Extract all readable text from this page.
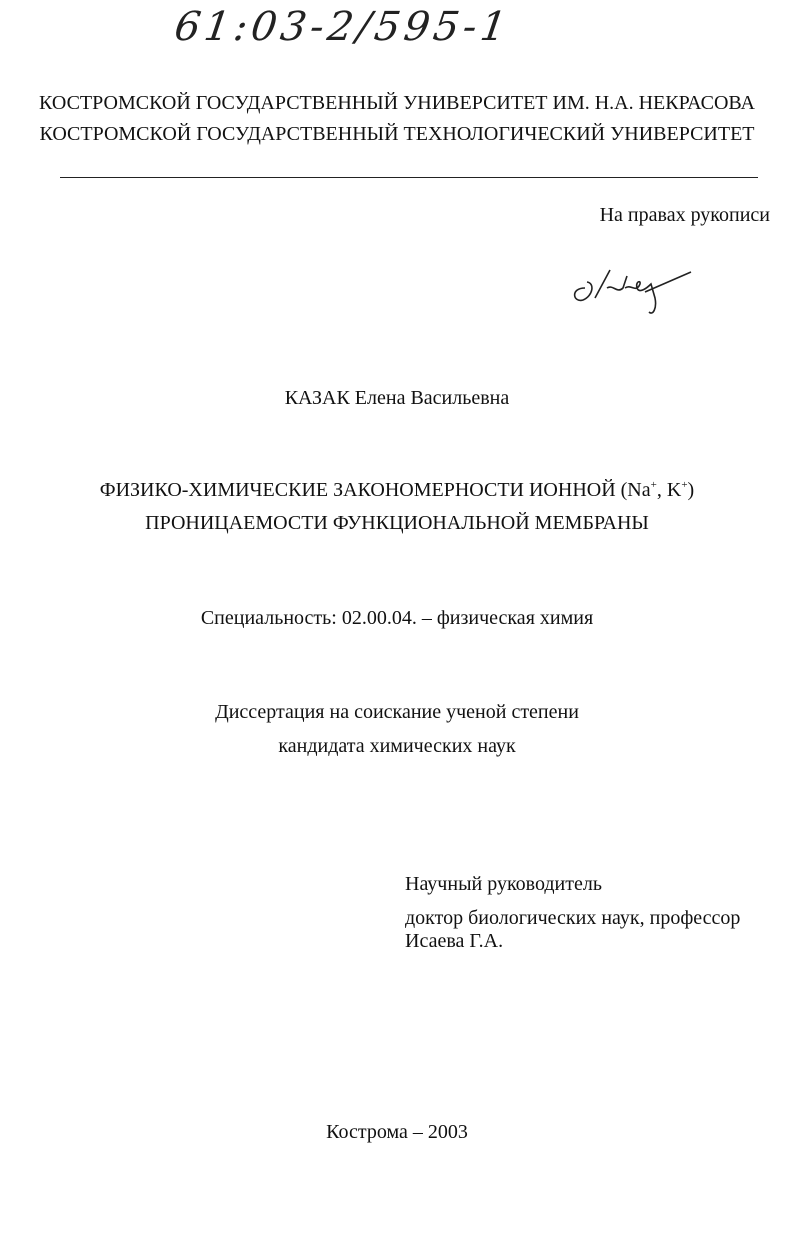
61:03-2/595-1
КОСТРОМСКОЙ ГОСУДАРСТВЕННЫЙ УНИВЕРСИТЕТ ИМ. Н.А. НЕКРАСОВА
КОСТРОМСКОЙ ГОСУДАРСТВЕННЫЙ ТЕХНОЛОГИЧЕСКИЙ УНИВЕРСИТЕТ
На правах рукописи
КАЗАК Елена Васильевна
ФИЗИКО-ХИМИЧЕСКИЕ ЗАКОНОМЕРНОСТИ ИОННОЙ (Na+, K+)
ПРОНИЦАЕМОСТИ ФУНКЦИОНАЛЬНОЙ МЕМБРАНЫ
Специальность: 02.00.04. – физическая химия
Диссертация на соискание ученой степени
кандидата химических наук
Научный руководитель
доктор биологических наук, профессор
Исаева Г.А.
Кострома – 2003
